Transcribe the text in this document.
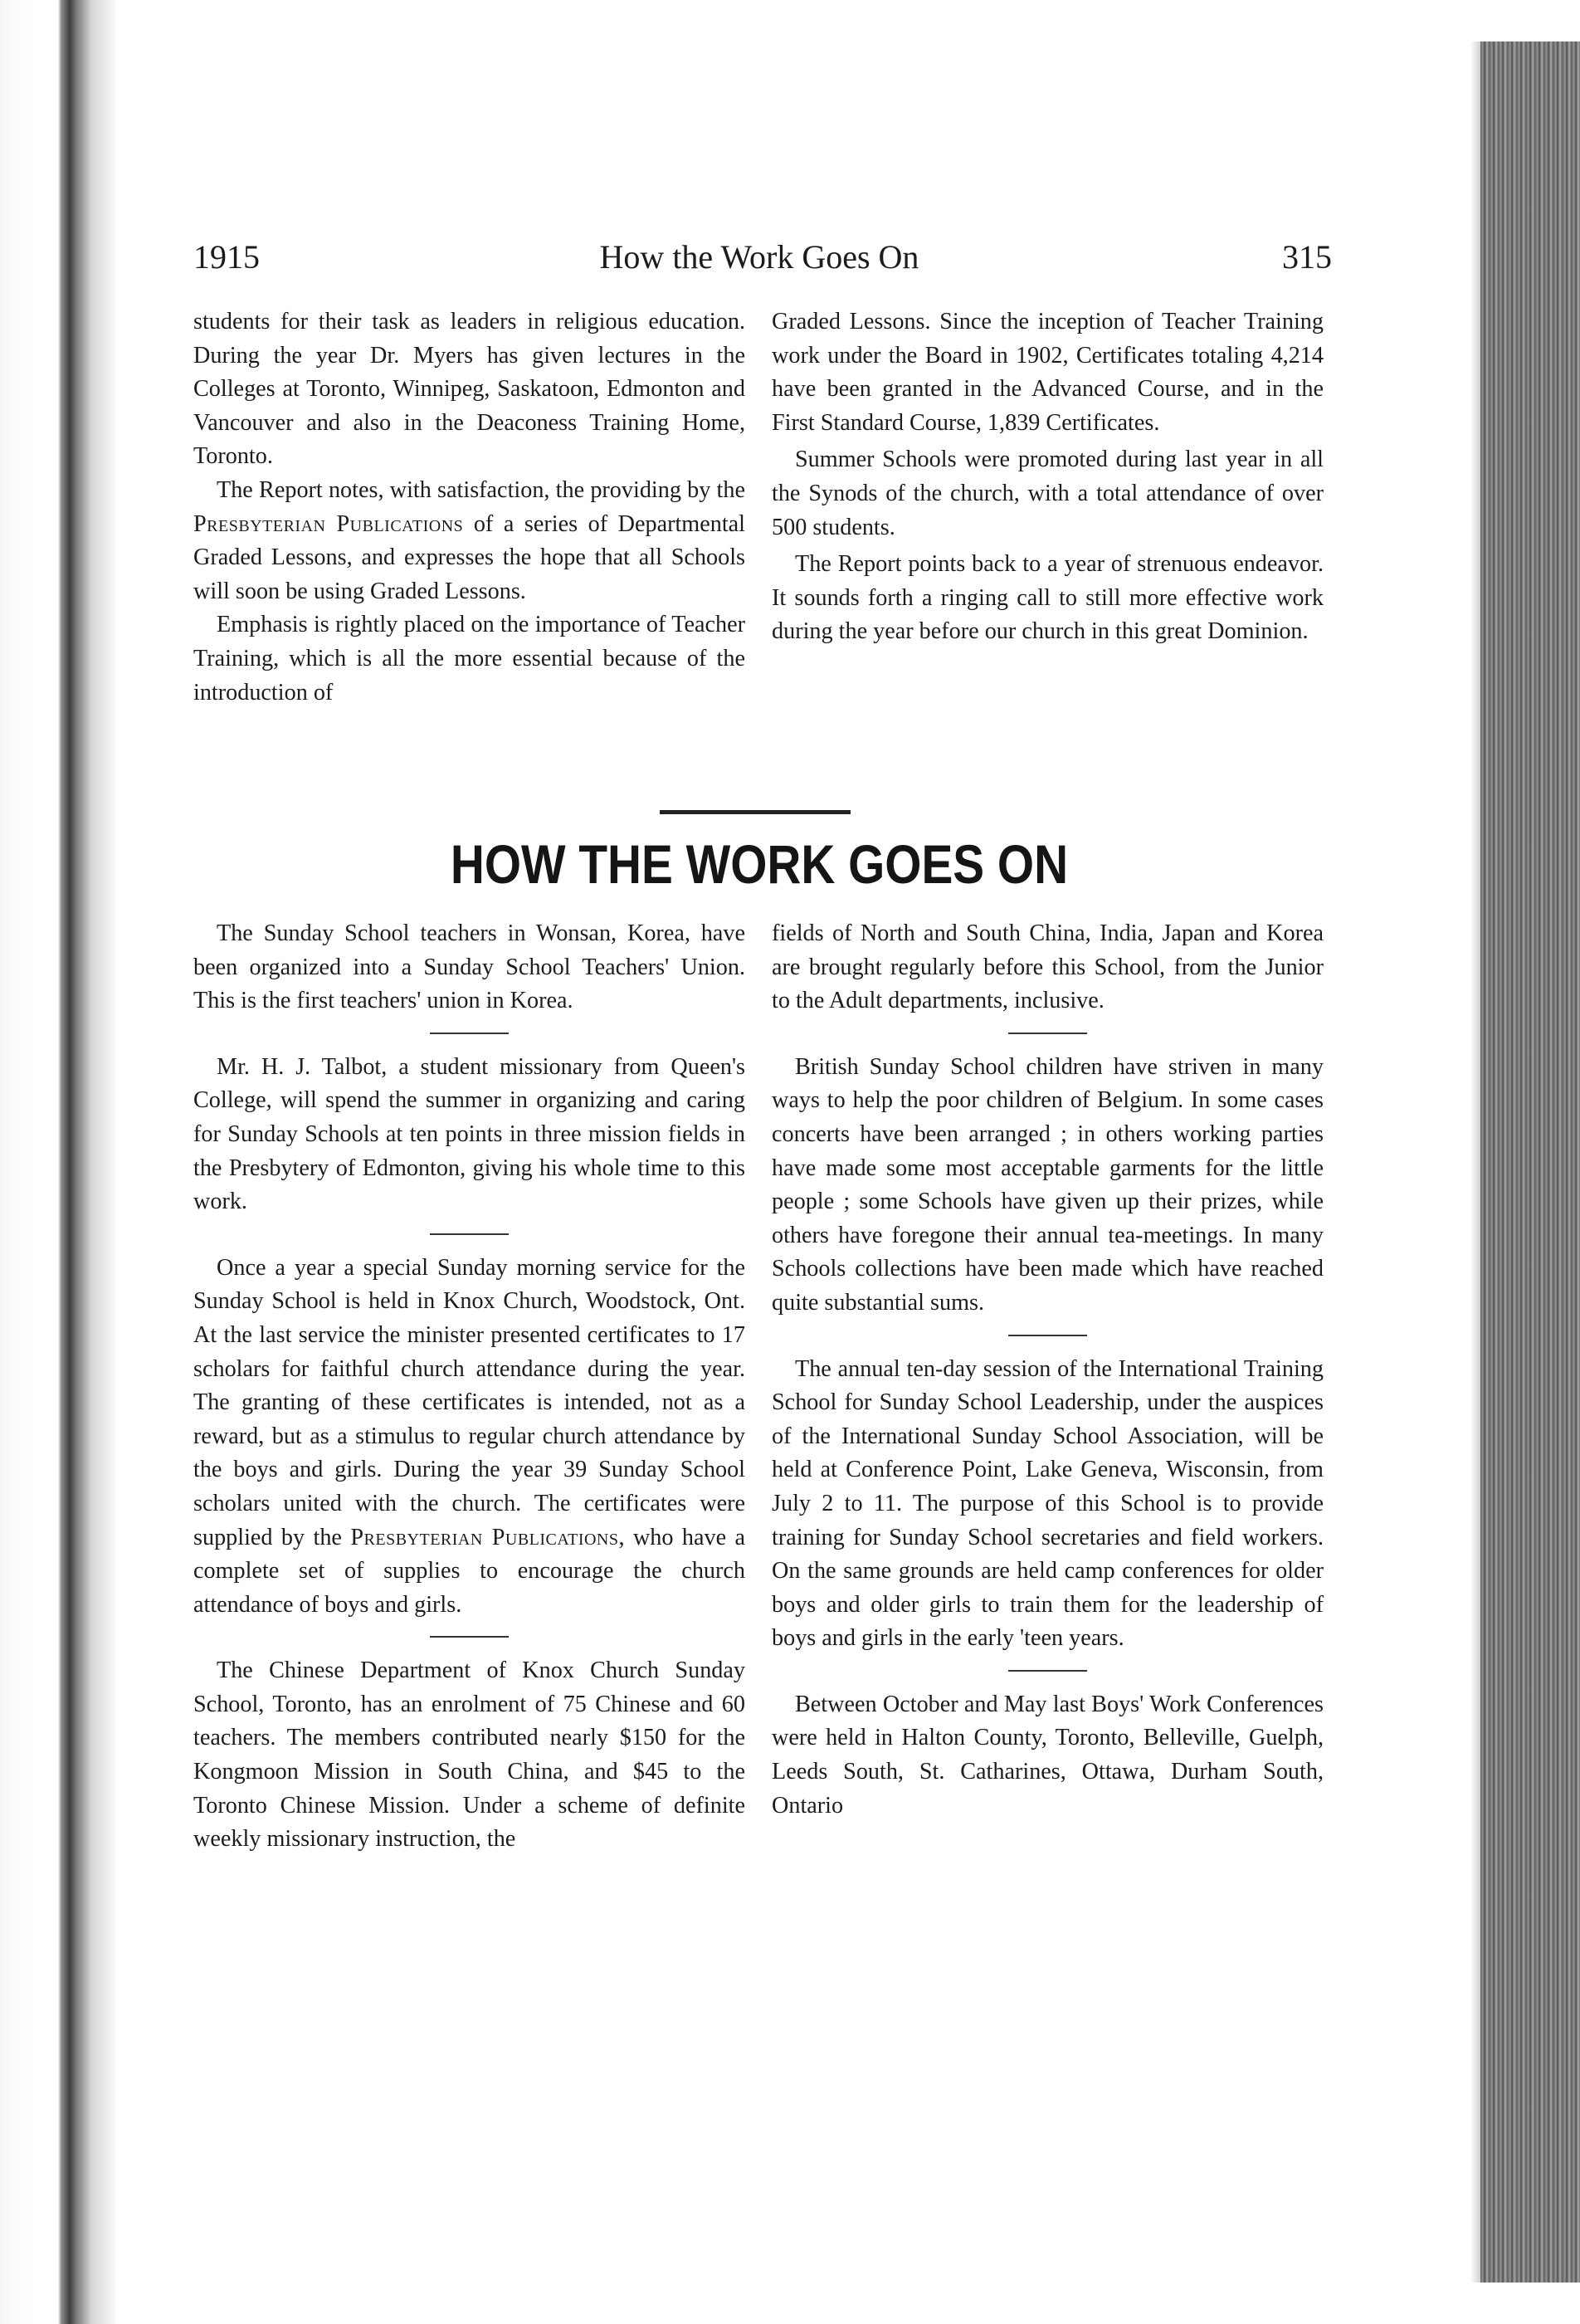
1915	How the Work Goes On	315

students for their task as leaders in religious education. During the year Dr. Myers has given lectures in the Colleges at Toronto, Winnipeg, Saskatoon, Edmonton and Vancouver and also in the Deaconess Training Home, Toronto.

The Report notes, with satisfaction, the providing by the Presbyterian Publications of a series of Departmental Graded Lessons, and expresses the hope that all Schools will soon be using Graded Lessons.

Emphasis is rightly placed on the importance of Teacher Training, which is all the more essential because of the introduction of

Graded Lessons. Since the inception of Teacher Training work under the Board in 1902, Certificates totaling 4,214 have been granted in the Advanced Course, and in the First Standard Course, 1,839 Certificates.

Summer Schools were promoted during last year in all the Synods of the church, with a total attendance of over 500 students.

The Report points back to a year of strenuous endeavor. It sounds forth a ringing call to still more effective work during the year before our church in this great Dominion.

HOW THE WORK GOES ON

The Sunday School teachers in Wonsan, Korea, have been organized into a Sunday School Teachers' Union. This is the first teachers' union in Korea.

Mr. H. J. Talbot, a student missionary from Queen's College, will spend the summer in organizing and caring for Sunday Schools at ten points in three mission fields in the Presbytery of Edmonton, giving his whole time to this work.

Once a year a special Sunday morning service for the Sunday School is held in Knox Church, Woodstock, Ont. At the last service the minister presented certificates to 17 scholars for faithful church attendance during the year. The granting of these certificates is intended, not as a reward, but as a stimulus to regular church attendance by the boys and girls. During the year 39 Sunday School scholars united with the church. The certificates were supplied by the Presbyterian Publications, who have a complete set of supplies to encourage the church attendance of boys and girls.

The Chinese Department of Knox Church Sunday School, Toronto, has an enrolment of 75 Chinese and 60 teachers. The members contributed nearly $150 for the Kongmoon Mission in South China, and $45 to the Toronto Chinese Mission. Under a scheme of definite weekly missionary instruction, the

fields of North and South China, India, Japan and Korea are brought regularly before this School, from the Junior to the Adult departments, inclusive.

British Sunday School children have striven in many ways to help the poor children of Belgium. In some cases concerts have been arranged ; in others working parties have made some most acceptable garments for the little people ; some Schools have given up their prizes, while others have foregone their annual tea-meetings. In many Schools collections have been made which have reached quite substantial sums.

The annual ten-day session of the International Training School for Sunday School Leadership, under the auspices of the International Sunday School Association, will be held at Conference Point, Lake Geneva, Wisconsin, from July 2 to 11. The purpose of this School is to provide training for Sunday School secretaries and field workers. On the same grounds are held camp conferences for older boys and older girls to train them for the leadership of boys and girls in the early 'teen years.

Between October and May last Boys' Work Conferences were held in Halton County, Toronto, Belleville, Guelph, Leeds South, St. Catharines, Ottawa, Durham South, Ontario
